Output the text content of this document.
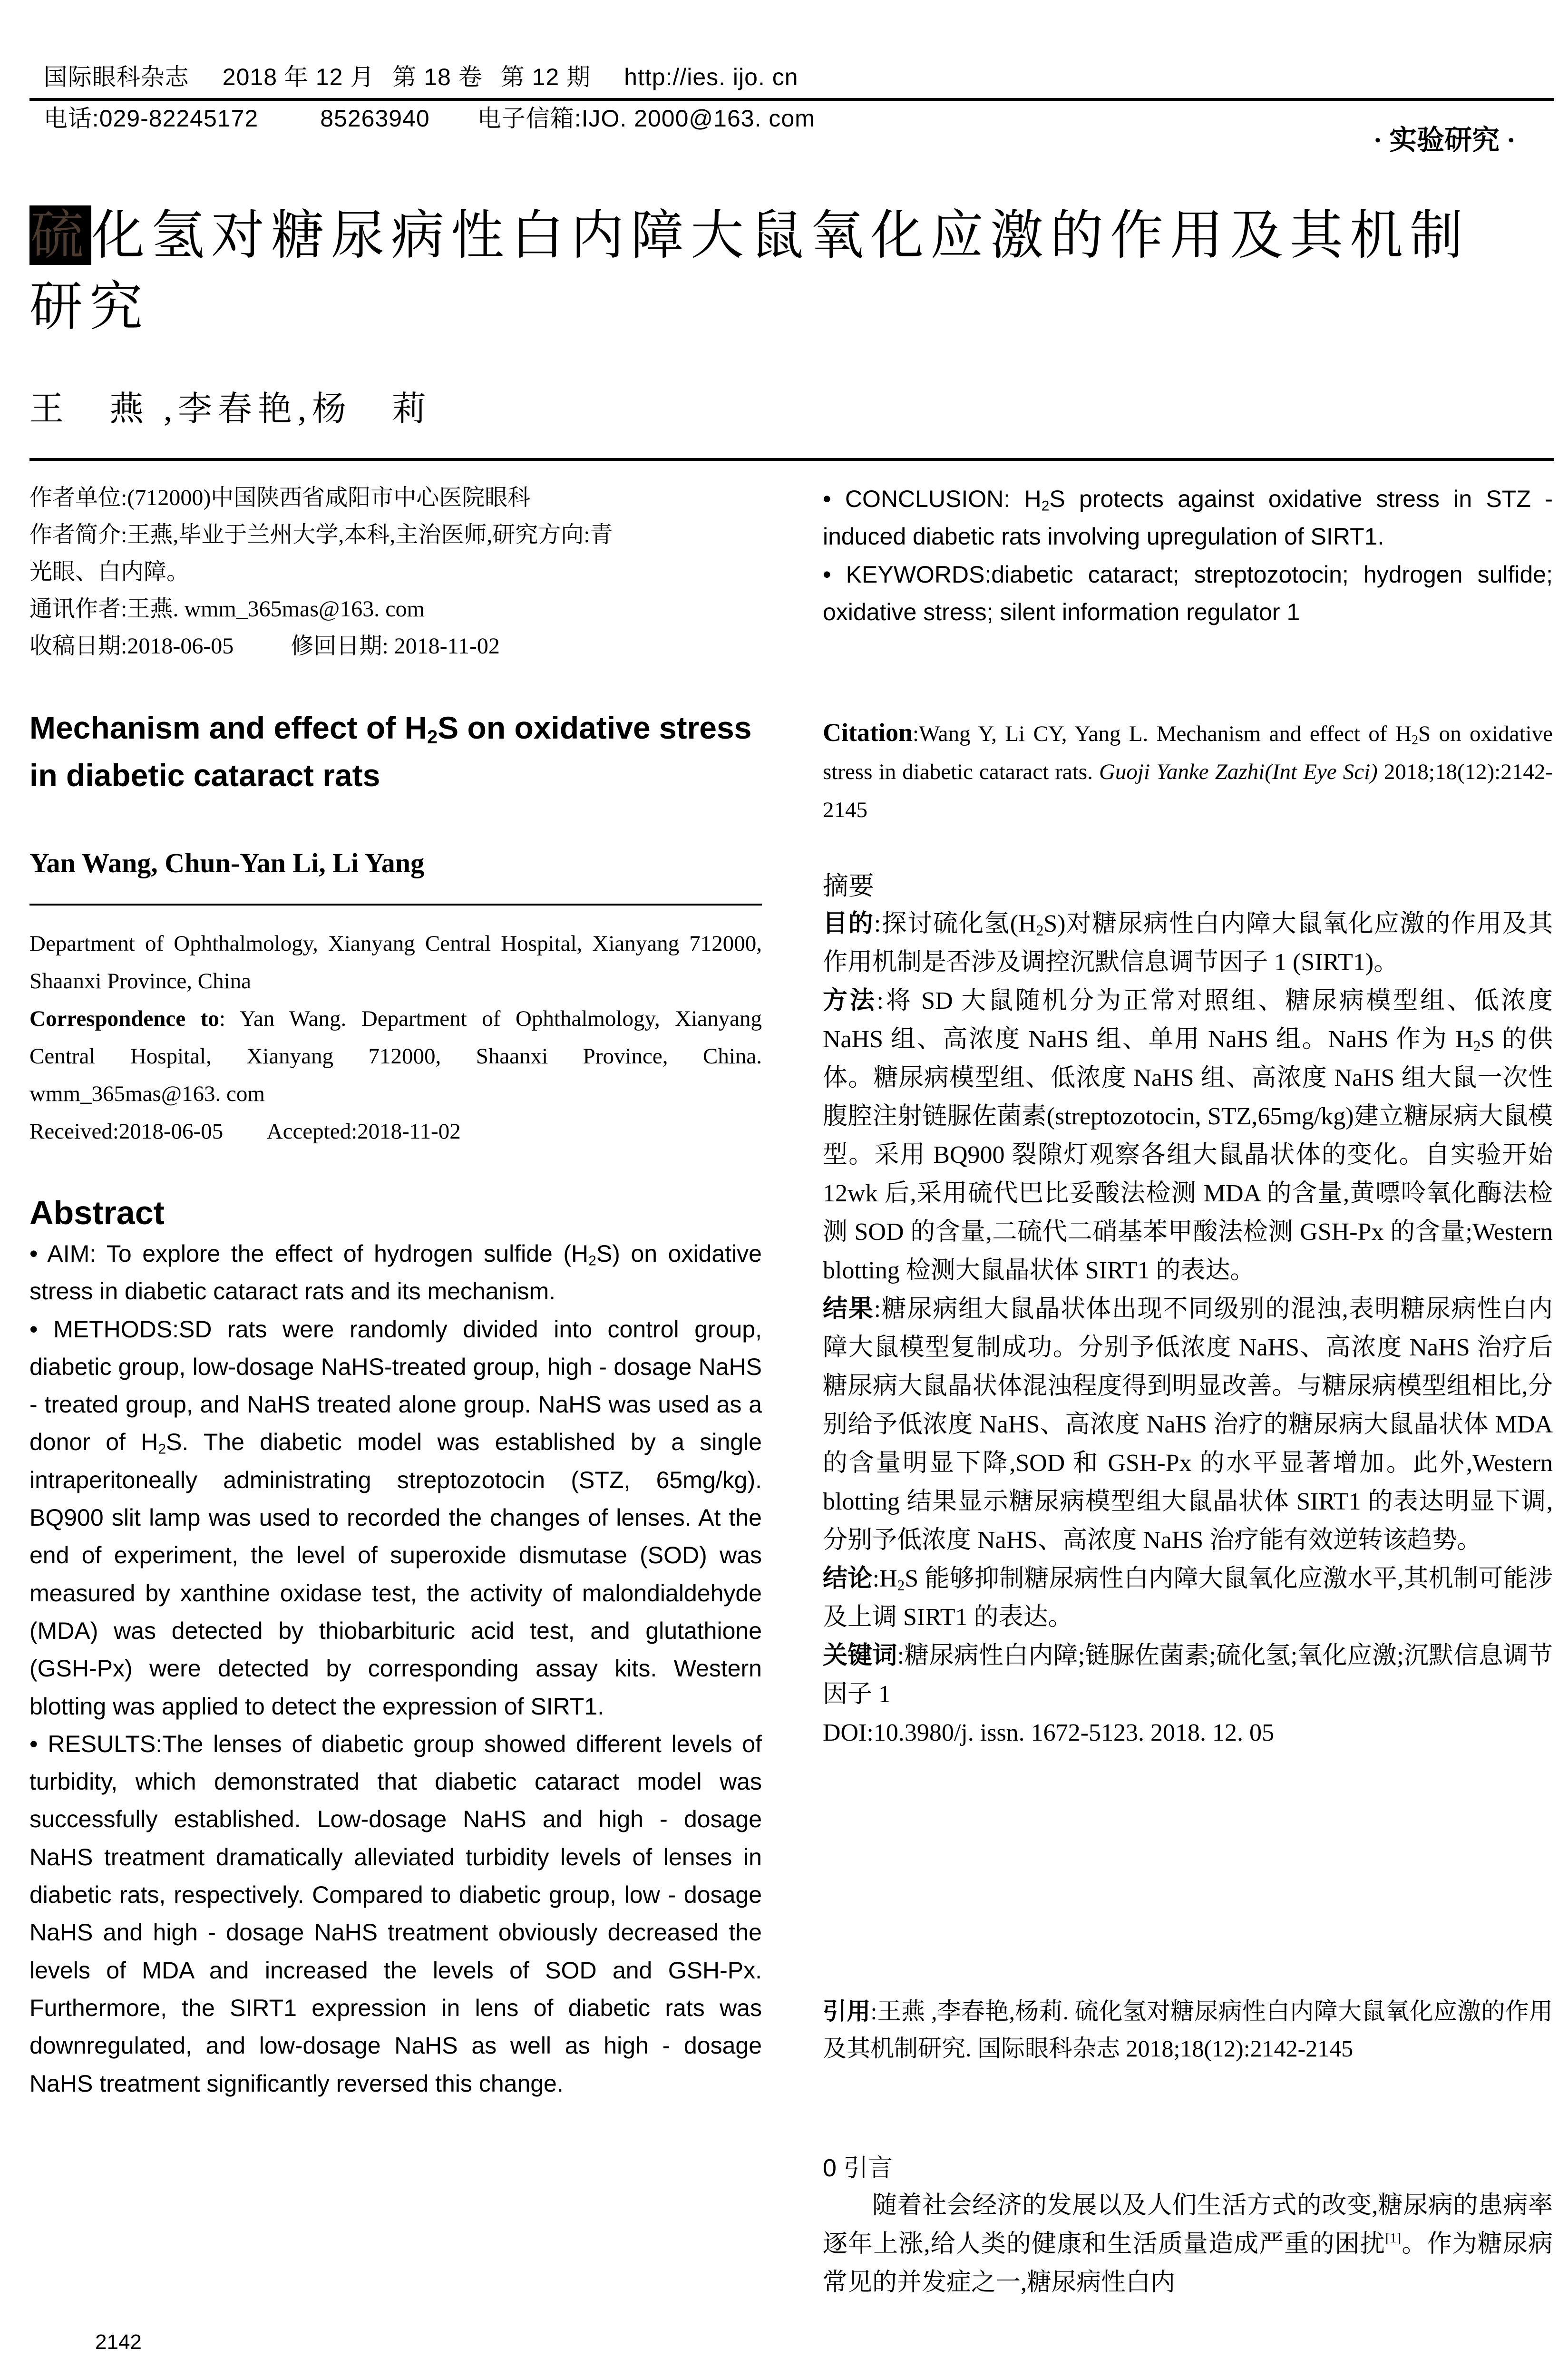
国际眼科杂志 2018 年 12 月 第 18 卷 第 12 期 http://ies. ijo. cn

电话:029-82245172	85263940 电子信箱:IJO. 2000@163. com

· 实验研究 ·
硫化氢对糖尿病性白内障大鼠氧化应激的作用及其机制
研究
王　燕 ,李春艳,杨　莉

作者单位:(712000)中国陕西省咸阳市中心医院眼科

作者简介:王燕,毕业于兰州大学,本科,主治医师,研究方向:青
光眼、白内障。

通讯作者:王燕. wmm_365mas@163. com

收稿日期:2018-06-05	修回日期: 2018-11-02

Mechanism and effect of $H_2S$ on oxidative stress in diabetic cataract rats
Yan Wang, Chun-Yan Li, Li Yang

Department of Ophthalmology, Xianyang Central Hospital, Xianyang 712000, Shaanxi Province, China

Correspondence to: Yan Wang. Department of Ophthalmology, Xianyang Central Hospital, Xianyang 712000, Shaanxi Province, China. wmm_365mas@163. com

Received:2018-06-05 Accepted:2018-11-02

Abstract

• AIM: To explore the effect of hydrogen sulfide $(H_2S)$ on oxidative stress in diabetic cataract rats and its mechanism.

• METHODS:SD rats were randomly divided into control group, diabetic group, low-dosage NaHS-treated group, high - dosage NaHS - treated group, and NaHS treated alone group. NaHS was used as a donor of $H_2S$. The diabetic model was established by a single intraperitoneally administrating streptozotocin (STZ, 65mg/kg). BQ900 slit lamp was used to recorded the changes of lenses. At the end of experiment, the level of superoxide dismutase (SOD) was measured by xanthine oxidase test, the activity of malondialdehyde (MDA) was detected by thiobarbituric acid test, and glutathione (GSH-Px) were detected by corresponding assay kits. Western blotting was applied to detect the expression of SIRT1.

• RESULTS:The lenses of diabetic group showed different levels of turbidity, which demonstrated that diabetic cataract model was successfully established. Low-dosage NaHS and high - dosage NaHS treatment dramatically alleviated turbidity levels of lenses in diabetic rats, respectively. Compared to diabetic group, low - dosage NaHS and high - dosage NaHS treatment obviously decreased the levels of MDA and increased the levels of SOD and GSH-Px. Furthermore, the SIRT1 expression in lens of diabetic rats was downregulated, and low-dosage NaHS as well as high - dosage NaHS treatment significantly reversed this change.

2142

• CONCLUSION: $H_2S$ protects against oxidative stress in STZ - induced diabetic rats involving upregulation of SIRT1.

• KEYWORDS:diabetic cataract; streptozotocin; hydrogen sulfide; oxidative stress; silent information regulator 1

Citation:Wang Y, Li CY, Yang L. Mechanism and effect of $H_2S$ on oxidative stress in diabetic cataract rats. Guoji Yanke Zazhi(Int Eye Sci) 2018;18(12):2142-2145
摘要

目的:探讨硫化氢$(H_2S)$对糖尿病性白内障大鼠氧化应激的作用及其作用机制是否涉及调控沉默信息调节因子 1 (SIRT1)。

方法:将 SD 大鼠随机分为正常对照组、糖尿病模型组、低浓度 NaHS 组、高浓度 NaHS 组、单用 NaHS 组。NaHS 作为 $H_2S$ 的供体。糖尿病模型组、低浓度 NaHS 组、高浓度 NaHS 组大鼠一次性腹腔注射链脲佐菌素(streptozotocin, STZ,65mg/kg)建立糖尿病大鼠模型。采用 BQ900 裂隙灯观察各组大鼠晶状体的变化。自实验开始 12wk 后,采用硫代巴比妥酸法检测 MDA 的含量,黄嘌呤氧化酶法检测 SOD 的含量,二硫代二硝基苯甲酸法检测 GSH-Px 的含量;Western blotting 检测大鼠晶状体 SIRT1 的表达。

结果:糖尿病组大鼠晶状体出现不同级别的混浊,表明糖尿病性白内障大鼠模型复制成功。分别予低浓度 NaHS、高浓度 NaHS 治疗后糖尿病大鼠晶状体混浊程度得到明显改善。与糖尿病模型组相比,分别给予低浓度 NaHS、高浓度 NaHS 治疗的糖尿病大鼠晶状体 MDA 的含量明显下降,SOD 和 GSH-Px 的水平显著增加。此外,Western blotting 结果显示糖尿病模型组大鼠晶状体 SIRT1 的表达明显下调,分别予低浓度 NaHS、高浓度 NaHS 治疗能有效逆转该趋势。

结论$:H_2S$ 能够抑制糖尿病性白内障大鼠氧化应激水平,其机制可能涉及上调 SIRT1 的表达。

关键词:糖尿病性白内障;链脲佐菌素;硫化氢;氧化应激;沉默信息调节因子 1

DOI:10.3980/j. issn. 1672-5123. 2018. 12. 05

引用:王燕 ,李春艳,杨莉. 硫化氢对糖尿病性白内障大鼠氧化应激的作用及其机制研究. 国际眼科杂志 2018;18(12):2142-2145
0 引言
随着社会经济的发展以及人们生活方式的改变,糖尿病的患病率逐年上涨,给人类的健康和生活质量造成严重的困扰[1]。作为糖尿病常见的并发症之一,糖尿病性白内
